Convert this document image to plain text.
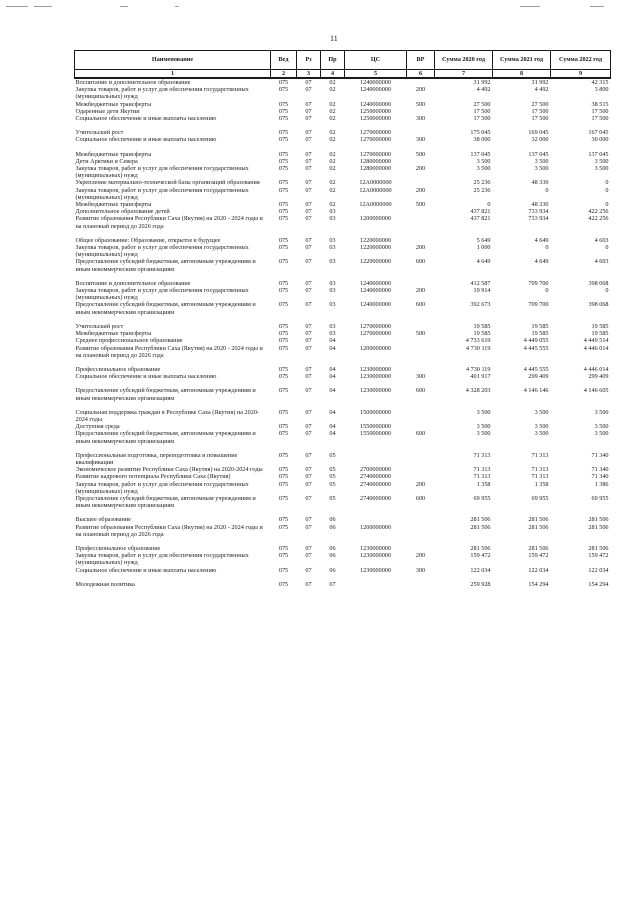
11
Наименование	Вед	Рз	Пр	ЦС	ВР	Сумма 2020 год	Сумма 2021 год	Сумма 2022 год
1	2	3	4	5	6	7	8	9
Воспитание и дополнительное образование	075	07	02	1240000000		31 992	31 992	42 315
Закупка товаров, работ и услуг для обеспечения государственных (муниципальных) нужд	075	07	02	1240000000	200	4 492	4 492	3 800
Межбюджетные трансферты	075	07	02	1240000000	500	27 500	27 500	38 515
Одаренные дети Якутии	075	07	02	1250000000		17 500	17 500	17 500
Социальное обеспечение и иные выплаты населению	075	07	02	1250000000	300	17 500	17 500	17 500

Учительский рост	075	07	02	1270000000		175 045	169 045	167 045
Социальное обеспечение и иные выплаты населению	075	07	02	1270000000	300	38 000	32 000	30 000

Межбюджетные трансферты	075	07	02	1270000000	500	137 045	137 045	137 045
Дети Арктики и Севера	075	07	02	1280000000		3 500	3 500	3 500
Закупка товаров, работ и услуг для обеспечения государственных (муниципальных) нужд	075	07	02	1280000000	200	3 500	3 500	3 500
Укрепление материально-технической базы организаций образования	075	07	02	12А0000000		25 236	48 330	0
Закупка товаров, работ и услуг для обеспечения государственных (муниципальных) нужд	075	07	02	12А0000000	200	25 236	0	0
Межбюджетные трансферты	075	07	02	12А0000000	500	0	48 330	0
Дополнительное образование детей	075	07	03			437 821	733 934	422 256
Развитие образования Республики Саха (Якутия) на 2020 - 2024 годы и на плановый период до 2026 года	075	07	03	1200000000		437 821	733 934	422 256

Общее образование: Образование, открытое в будущее	075	07	03	1220000000		5 649	4 649	4 603
Закупка товаров, работ и услуг для обеспечения государственных (муниципальных) нужд	075	07	03	1220000000	200	1 000	0	0
Предоставление субсидий бюджетным, автономным учреждениям и иным некоммерческим организациям	075	07	03	1220000000	600	4 649	4 649	4 603

Воспитание и дополнительное образование	075	07	03	1240000000		412 587	709 700	398 068
Закупка товаров, работ и услуг для обеспечения государственных (муниципальных) нужд	075	07	03	1240000000	200	19 914	0	0
Предоставление субсидий бюджетным, автономным учреждениям и иным некоммерческим организациям	075	07	03	1240000000	600	392 673	709 700	398 068

Учительский рост	075	07	03	1270000000		19 585	19 585	19 585
Межбюджетные трансферты	075	07	03	1270000000	500	19 585	19 585	19 585
Среднее профессиональное образование	075	07	04			4 733 619	4 449 055	4 449 514
Развитие образования Республики Саха (Якутия) на 2020 - 2024 годы и на плановый период до 2026 года	075	07	04	1200000000		4 730 119	4 445 555	4 446 014

Профессиональное образование	075	07	04	1230000000		4 730 119	4 445 555	4 446 014
Социальное обеспечение и иные выплаты населению	075	07	04	1230000000	300	401 917	299 409	299 409

Предоставление субсидий бюджетным, автономным учреждениям и иным некоммерческим организациям	075	07	04	1230000000	600	4 328 203	4 146 146	4 146 605

Социальная поддержка граждан в Республике Саха (Якутия) на 2020-2024 годы	075	07	04	1500000000		3 500	3 500	3 500
Доступная среда	075	07	04	1550000000		3 500	3 500	3 500
Предоставление субсидий бюджетным, автономным учреждениям и иным некоммерческим организациям	075	07	04	1550000000	600	3 500	3 500	3 500

Профессиональная подготовка, переподготовка и повышение квалификации	075	07	05			71 313	71 313	71 340
Экономическое развитие Республики Саха (Якутия) на 2020-2024 годы	075	07	05	2700000000		71 313	71 313	71 340
Развитие кадрового потенциала Республики Саха (Якутия)	075	07	05	2740000000		71 313	71 313	71 340
Закупка товаров, работ и услуг для обеспечения государственных (муниципальных) нужд	075	07	05	2740000000	200	1 358	1 358	1 386
Предоставление субсидий бюджетным, автономным учреждениям и иным некоммерческим организациям	075	07	05	2740000000	600	69 955	69 955	69 955

Высшее образование	075	07	06			281 506	281 506	281 506
Развитие образования Республики Саха (Якутия) на 2020 - 2024 годы и на плановый период до 2026 года	075	07	06	1200000000		281 506	281 506	281 506

Профессиональное образование	075	07	06	1230000000		281 506	281 506	281 506
Закупка товаров, работ и услуг для обеспечения государственных (муниципальных) нужд	075	07	06	1230000000	200	159 472	159 472	159 472
Социальное обеспечение и иные выплаты населению	075	07	06	1230000000	300	122 034	122 034	122 034

Молодежная политика	075	07	07			259 928	154 294	154 294
